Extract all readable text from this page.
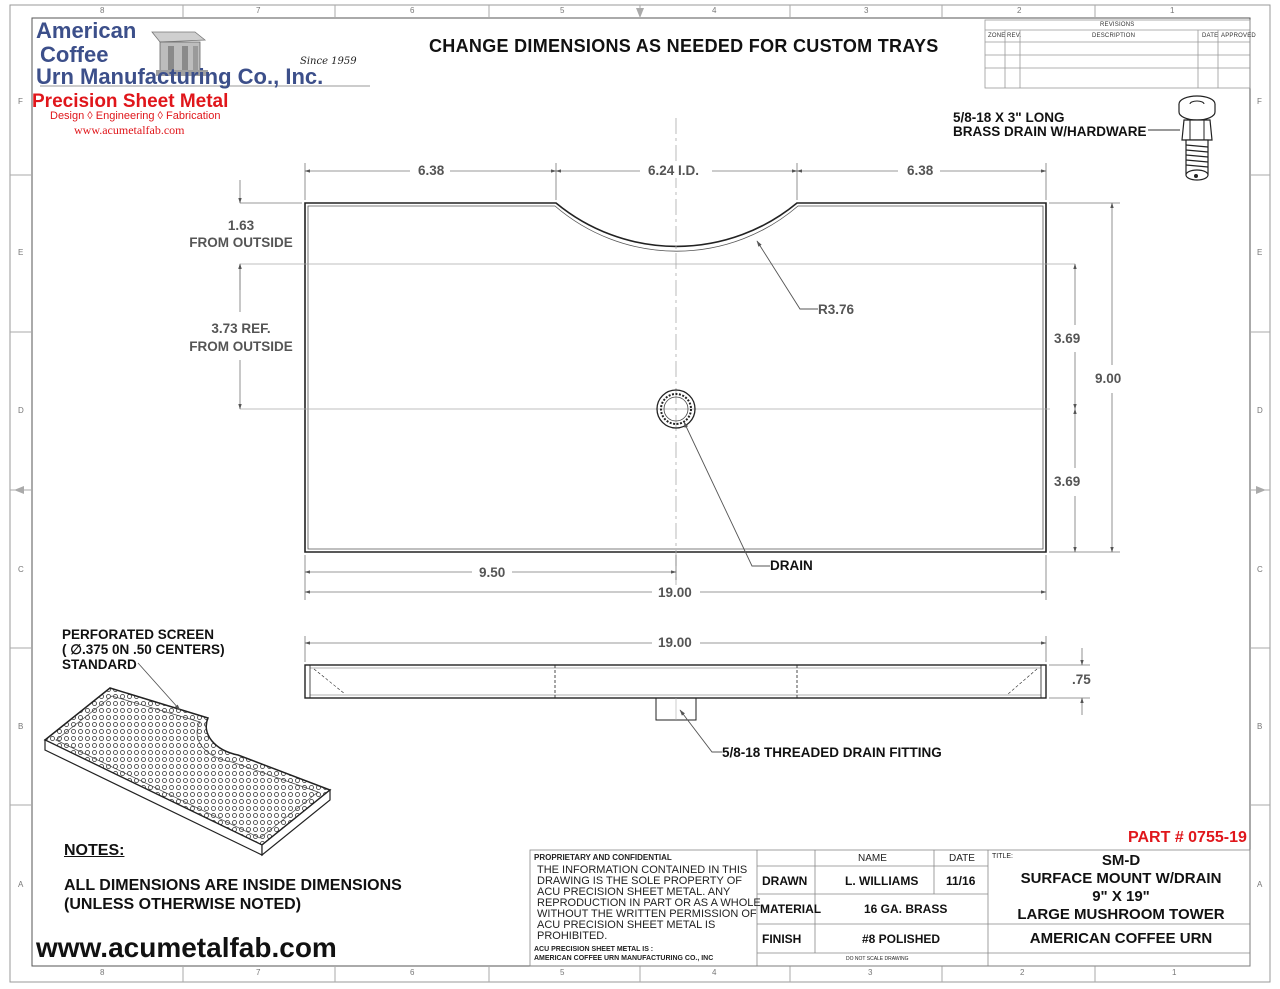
American
Coffee
Urn Manufacturing Co., Inc.
Since 1959
Precision Sheet Metal
Design ◊ Engineering ◊ Fabrication
www.acumetalfab.com
CHANGE DIMENSIONS AS NEEDED FOR CUSTOM TRAYS
8	7	6	5	4	3	2	1
8	7	6	5	4	3	2	1
F
E
D
C
B
A
F
E
D
C
B
A
REVISIONS
ZONE REV.	DESCRIPTION	DATE APPROVED
5/8-18 X 3" LONG
BRASS DRAIN W/HARDWARE
6.38	6.24 I.D.	6.38
1.63
FROM OUTSIDE
3.73 REF.
FROM OUTSIDE
R3.76
3.69
3.69
9.00
9.50
19.00
19.00
.75
DRAIN
5/8-18 THREADED DRAIN FITTING
PERFORATED SCREEN
( ∅.375 0N .50 CENTERS)
STANDARD
NOTES:
ALL DIMENSIONS ARE INSIDE DIMENSIONS
(UNLESS OTHERWISE NOTED)
www.acumetalfab.com
PART # 0755-19
PROPRIETARY AND CONFIDENTIAL
THE INFORMATION CONTAINED IN THIS
DRAWING IS THE SOLE PROPERTY OF
ACU PRECISION SHEET METAL. ANY
REPRODUCTION IN PART OR AS A WHOLE
WITHOUT THE WRITTEN PERMISSION OF
ACU PRECISION SHEET METAL IS
PROHIBITED.
ACU PRECISION SHEET METAL IS :
AMERICAN COFFEE URN MANUFACTURING CO., INC
NAME	DATE
DRAWN	L. WILLIAMS 11/16
MATERIAL	16 GA. BRASS
FINISH	#8 POLISHED
DO NOT SCALE DRAWING
TITLE:	SM-D
SURFACE MOUNT W/DRAIN
9" X 19"
LARGE MUSHROOM TOWER
AMERICAN COFFEE URN
